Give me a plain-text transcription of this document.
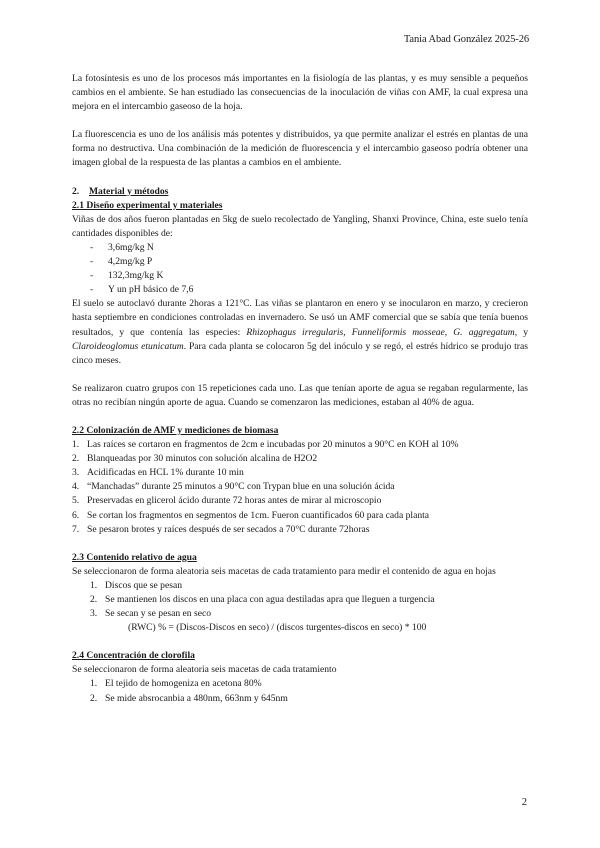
Tania Abad González 2025-26

La fotosíntesis es uno de los procesos más importantes en la fisiología de las plantas, y es muy sensible a pequeños cambios en el ambiente. Se han estudiado las consecuencias de la inoculación de viñas con AMF, la cual expresa una mejora en el intercambio gaseoso de la hoja.

La fluorescencia es uno de los análisis más potentes y distribuidos, ya que permite analizar el estrés en plantas de una forma no destructiva. Una combinación de la medición de fluorescencia y el intercambio gaseoso podría obtener una imagen global de la respuesta de las plantas a cambios en el ambiente.

2. Material y métodos

2.1 Diseño experimental y materiales

Viñas de dos años fueron plantadas en 5kg de suelo recolectado de Yangling, Shanxi Province, China, este suelo tenía cantidades disponibles de:

- 3,6mg/kg N
- 4,2mg/kg P
- 132,3mg/kg K
- Y un pH básico de 7,6

El suelo se autoclavó durante 2horas a 121°C. Las viñas se plantaron en enero y se inocularon en marzo, y crecieron hasta septiembre en condiciones controladas en invernadero. Se usó un AMF comercial que se sabía que tenía buenos resultados, y que contenía las especies: Rhizophagus irregularis, Funneliformis mosseae, G. aggregatum, y Claroideoglomus etunicatum. Para cada planta se colocaron 5g del inóculo y se regó, el estrés hídrico se produjo tras cinco meses.

Se realizaron cuatro grupos con 15 repeticiones cada uno. Las que tenían aporte de agua se regaban regularmente, las otras no recibían ningún aporte de agua. Cuando se comenzaron las mediciones, estaban al 40% de agua.

2.2 Colonización de AMF y mediciones de biomasa

1. Las raíces se cortaron en fragmentos de 2cm e incubadas por 20 minutos a 90°C en KOH al 10%
2. Blanqueadas por 30 minutos con solución alcalina de H2O2
3. Acidificadas en HCL 1% durante 10 min
4. “Manchadas” durante 25 minutos a 90°C con Trypan blue en una solución ácida
5. Preservadas en glicerol ácido durante 72 horas antes de mirar al microscopio
6. Se cortan los fragmentos en segmentos de 1cm. Fueron cuantificados 60 para cada planta
7. Se pesaron brotes y raíces después de ser secados a 70°C durante 72horas

2.3 Contenido relativo de agua

Se seleccionaron de forma aleatoria seis macetas de cada tratamiento para medir el contenido de agua en hojas

1. Discos que se pesan
2. Se mantienen los discos en una placa con agua destiladas apra que lleguen a turgencia
3. Se secan y se pesan en seco

(RWC) % = (Discos-Discos en seco) / (discos turgentes-discos en seco) * 100

2.4 Concentración de clorofila

Se seleccionaron de forma aleatoria seis macetas de cada tratamiento

1. El tejido de homogeniza en acetona 80%
2. Se mide absrocanbia a 480nm, 663nm y 645nm
2
